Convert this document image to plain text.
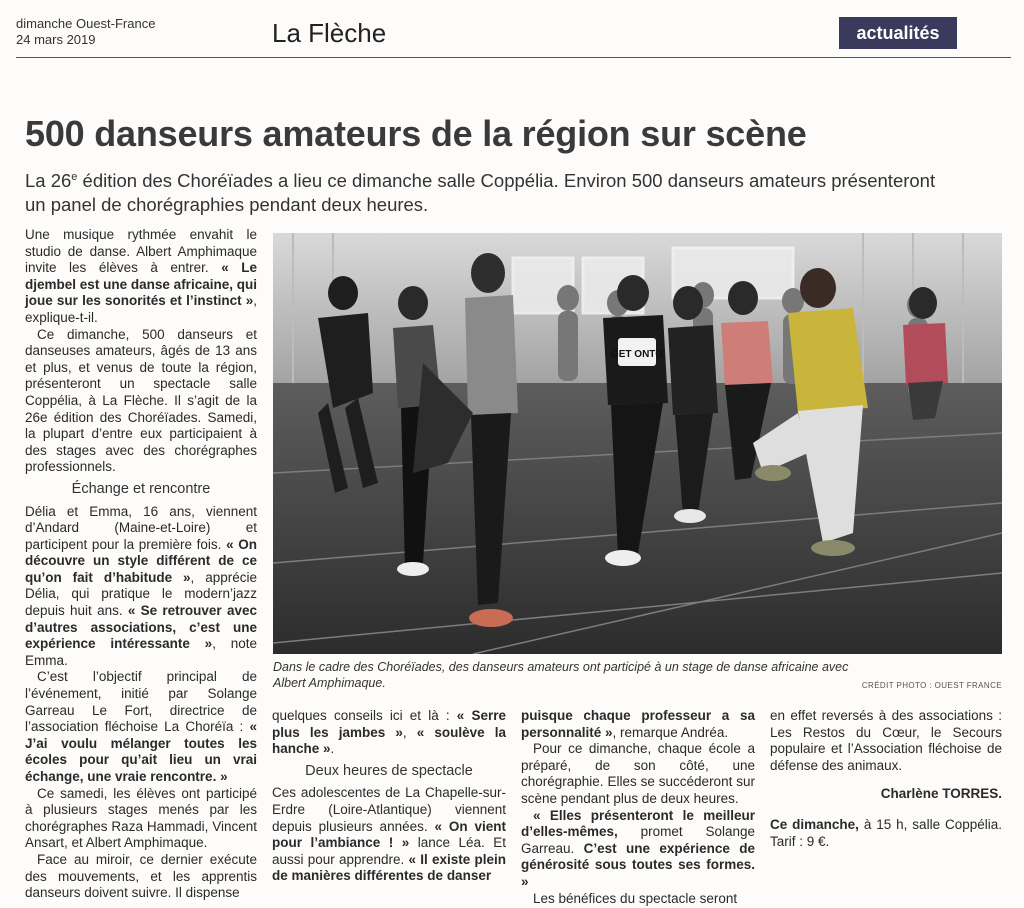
dimanche Ouest-France
24 mars 2019	La Flèche	actualités
500 danseurs amateurs de la région sur scène
La 26e édition des Choréïades a lieu ce dimanche salle Coppélia. Environ 500 danseurs amateurs présenteront un panel de chorégraphies pendant deux heures.

Une musique rythmée envahit le studio de danse. Albert Amphimaque invite les élèves à entrer. « Le djembel est une danse africaine, qui joue sur les sonorités et l’instinct », explique-t-il.

Ce dimanche, 500 danseurs et danseuses amateurs, âgés de 13 ans et plus, et venus de toute la région, présenteront un spectacle salle Coppélia, à La Flèche. Il s’agit de la 26e édition des Choréïades. Samedi, la plupart d’entre eux participaient à des stages avec des chorégraphes professionnels.

Échange et rencontre

Délia et Emma, 16 ans, viennent d’Andard (Maine-et-Loire) et participent pour la première fois. « On découvre un style différent de ce qu’on fait d’habitude », apprécie Délia, qui pratique le modern’jazz depuis huit ans. « Se retrouver avec d’autres associations, c’est une expérience intéressante », note Emma.

C’est l’objectif principal de l’événement, initié par Solange Garreau Le Fort, directrice de l’association fléchoise La Choréïa : « J’ai voulu mélanger toutes les écoles pour qu’ait lieu un vrai échange, une vraie rencontre. »

Ce samedi, les élèves ont participé à plusieurs stages menés par les chorégraphes Raza Hammadi, Vincent Ansart, et Albert Amphimaque.

Face au miroir, ce dernier exécute des mouvements, et les apprentis danseurs doivent suivre. Il dispense

GET ONTO
Dans le cadre des Choréïades, des danseurs amateurs ont participé à un stage de danse africaine avec Albert Amphimaque.	CRÉDIT PHOTO : OUEST FRANCE

quelques conseils ici et là : « Serre plus les jambes », « soulève la hanche ».

Deux heures de spectacle

Ces adolescentes de La Chapelle-sur-Erdre (Loire-Atlantique) viennent depuis plusieurs années. « On vient pour l’ambiance ! » lance Léa. Et aussi pour apprendre. « Il existe plein de manières différentes de danser

puisque chaque professeur a sa personnalité », remarque Andréa.

Pour ce dimanche, chaque école a préparé, de son côté, une chorégraphie. Elles se succéderont sur scène pendant plus de deux heures.

« Elles présenteront le meilleur d’elles-mêmes, promet Solange Garreau. C’est une expérience de générosité sous toutes ses formes. »

Les bénéfices du spectacle seront

en effet reversés à des associations : Les Restos du Cœur, le Secours populaire et l’Association fléchoise de défense des animaux.

Charlène TORRES.

Ce dimanche, à 15 h, salle Coppélia. Tarif : 9 €.
